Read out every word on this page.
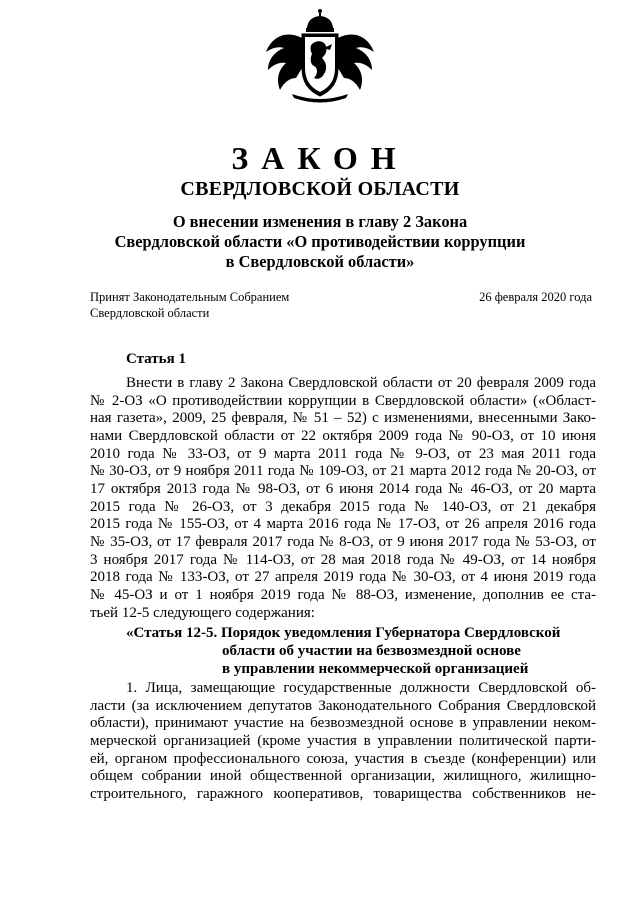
ЗАКОН
СВЕРДЛОВСКОЙ ОБЛАСТИ
О внесении изменения в главу 2 Закона
Свердловской области «О противодействии коррупции
в Свердловской области»
Принят Законодательным Собранием
Свердловской области
26 февраля 2020 года
Статья 1
Внести в главу 2 Закона Свердловской области от 20 февраля 2009 года
№ 2-ОЗ «О противодействии коррупции в Свердловской области» («Област-
ная газета», 2009, 25 февраля, № 51 – 52) с изменениями, внесенными Зако-
нами Свердловской области от 22 октября 2009 года № 90-ОЗ, от 10 июня
2010 года № 33-ОЗ, от 9 марта 2011 года № 9-ОЗ, от 23 мая 2011 года
№ 30-ОЗ, от 9 ноября 2011 года № 109-ОЗ, от 21 марта 2012 года № 20-ОЗ, от
17 октября 2013 года № 98-ОЗ, от 6 июня 2014 года № 46-ОЗ, от 20 марта
2015 года № 26-ОЗ, от 3 декабря 2015 года № 140-ОЗ, от 21 декабря
2015 года № 155-ОЗ, от 4 марта 2016 года № 17-ОЗ, от 26 апреля 2016 года
№ 35-ОЗ, от 17 февраля 2017 года № 8-ОЗ, от 9 июня 2017 года № 53-ОЗ, от
3 ноября 2017 года № 114-ОЗ, от 28 мая 2018 года № 49-ОЗ, от 14 ноября
2018 года № 133-ОЗ, от 27 апреля 2019 года № 30-ОЗ, от 4 июня 2019 года
№ 45-ОЗ и от 1 ноября 2019 года № 88-ОЗ, изменение, дополнив ее ста-
тьей 12-5 следующего содержания:
«Статья 12-5. Порядок уведомления Губернатора Свердловской
области об участии на безвозмездной основе
в управлении некоммерческой организацией
1. Лица, замещающие государственные должности Свердловской об-
ласти (за исключением депутатов Законодательного Собрания Свердловской
области), принимают участие на безвозмездной основе в управлении неком-
мерческой организацией (кроме участия в управлении политической парти-
ей, органом профессионального союза, участия в съезде (конференции) или
общем собрании иной общественной организации, жилищного, жилищно-
строительного, гаражного кооперативов, товарищества собственников не-
